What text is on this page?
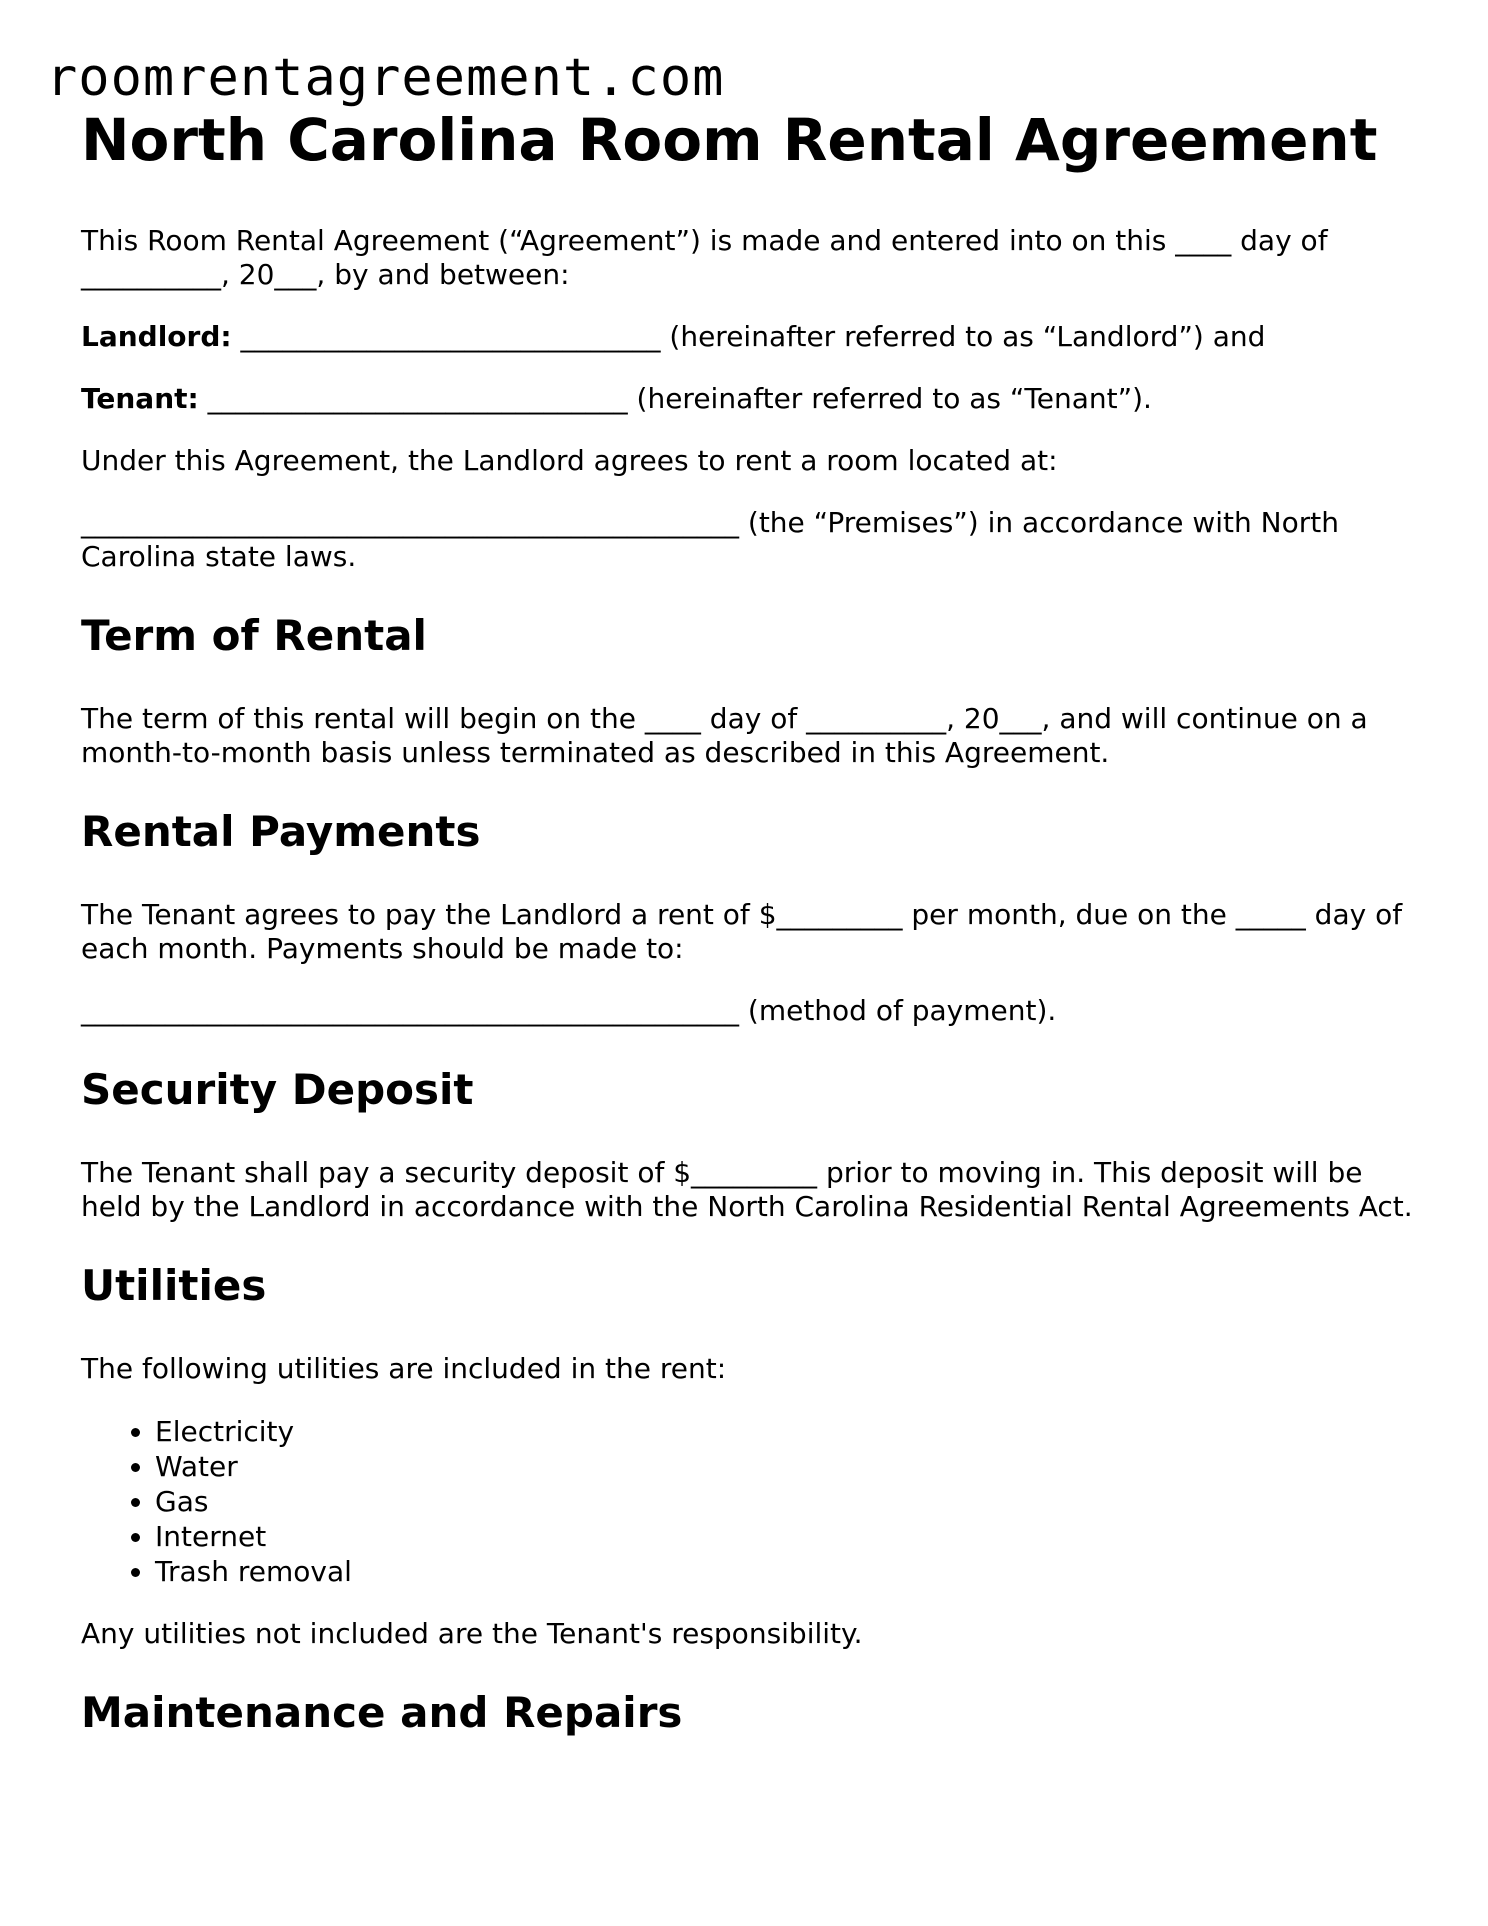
roomrentagreement.com
North Carolina Room Rental Agreement

This Room Rental Agreement (“Agreement”) is made and entered into on this ____ day of __________, 20___, by and between:

Landlord: ______________________________ (hereinafter referred to as “Landlord”) and

Tenant: ______________________________ (hereinafter referred to as “Tenant”).

Under this Agreement, the Landlord agrees to rent a room located at:

_______________________________________________ (the “Premises”) in accordance with North Carolina state laws.

Term of Rental

The term of this rental will begin on the ____ day of __________, 20___, and will continue on a month-to-month basis unless terminated as described in this Agreement.

Rental Payments

The Tenant agrees to pay the Landlord a rent of $_________ per month, due on the _____ day of each month. Payments should be made to:

_______________________________________________ (method of payment).

Security Deposit

The Tenant shall pay a security deposit of $_________ prior to moving in. This deposit will be held by the Landlord in accordance with the North Carolina Residential Rental Agreements Act.

Utilities

The following utilities are included in the rent:

• Electricity
• Water
• Gas
• Internet
• Trash removal

Any utilities not included are the Tenant's responsibility.

Maintenance and Repairs
